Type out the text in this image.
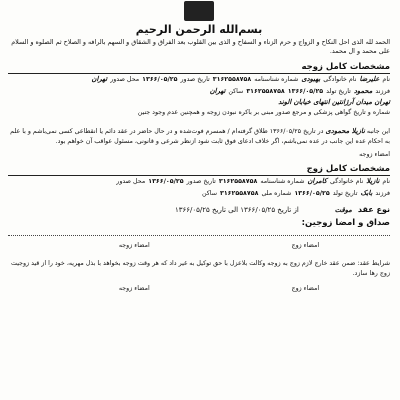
بسم‌الله الرحمن الرحیم
الحمد لله الذی احل النکاح و الزواج و حرم الزناء و السفاح و الذی بین القلوب بعد الفراق و الشقاق و السهم بالرافه و الصلاح ثم الصلوه و السلام علی محمد و ال محمد.
مشخصات کامل زوجه
نام
علیرضا
نام خانوادگی
بهبودی
شماره شناسنامه
۳۱۶۲۵۵۸۷۵۸
تاریخ صدور
۱۳۶۶/۰۵/۲۵
محل صدور
تهران
فرزند
محمود
تاریخ تولد
۱۳۶۶/۰۵/۲۵
۳۱۶۲۵۵۸۷۵۸
ساکن
تهران
تهران میدان آرژانتین انتهای خیابان الوند
شماره و تاریخ گواهی پزشکی و مرجع صدور مبنی بر باکره نبودن زوجه و همچنین عدم وجود جنین
این جانبه ناز‌یلا محمودی در تاریخ ۱۳۶۶/۰۵/۲۵ طلاق گرفته‌ام / همسرم فوت‌شده و در حال حاضر در عقد دائم یا انقطاعی کسی نمی‌باشم و با علم به احکام عده این جانب در عده نمی‌باشم، اگر خلاف ادعای فوق ثابت شود ازنظر شرعی و قانونی، مسئول عواقب آن خواهم بود.
امضاء زوجه
مشخصات کامل زوج
نام
نازیلا
نام خانوادگی
کامران
شماره شناسنامه
۳۱۶۲۵۵۸۷۵۸
تاریخ صدور
۱۳۶۶/۰۵/۲۵
محل صدور
فرزند
بابک
تاریخ تولد
۱۳۶۶/۰۵/۲۵
شماره ملی
۳۱۶۲۵۵۸۷۵۸
ساکن
نوع عقد
موقت
از تاریخ ۱۳۶۶/۰۵/۲۵ الی تاریخ ۱۳۶۶/۰۵/۲۵
صداق و امضا زوجین:
امضاء زوج
امضاء زوجه
شرایط عقد: ضمن عقد خارج لازم زوج به زوجه وکالت بلاعزل با حق توکیل به غیر داد که هر وقت زوجه بخواهد با بذل مهریه، خود را از قید زوجیت زوج رها سازد.
امضاء زوج
امضاء زوجه
